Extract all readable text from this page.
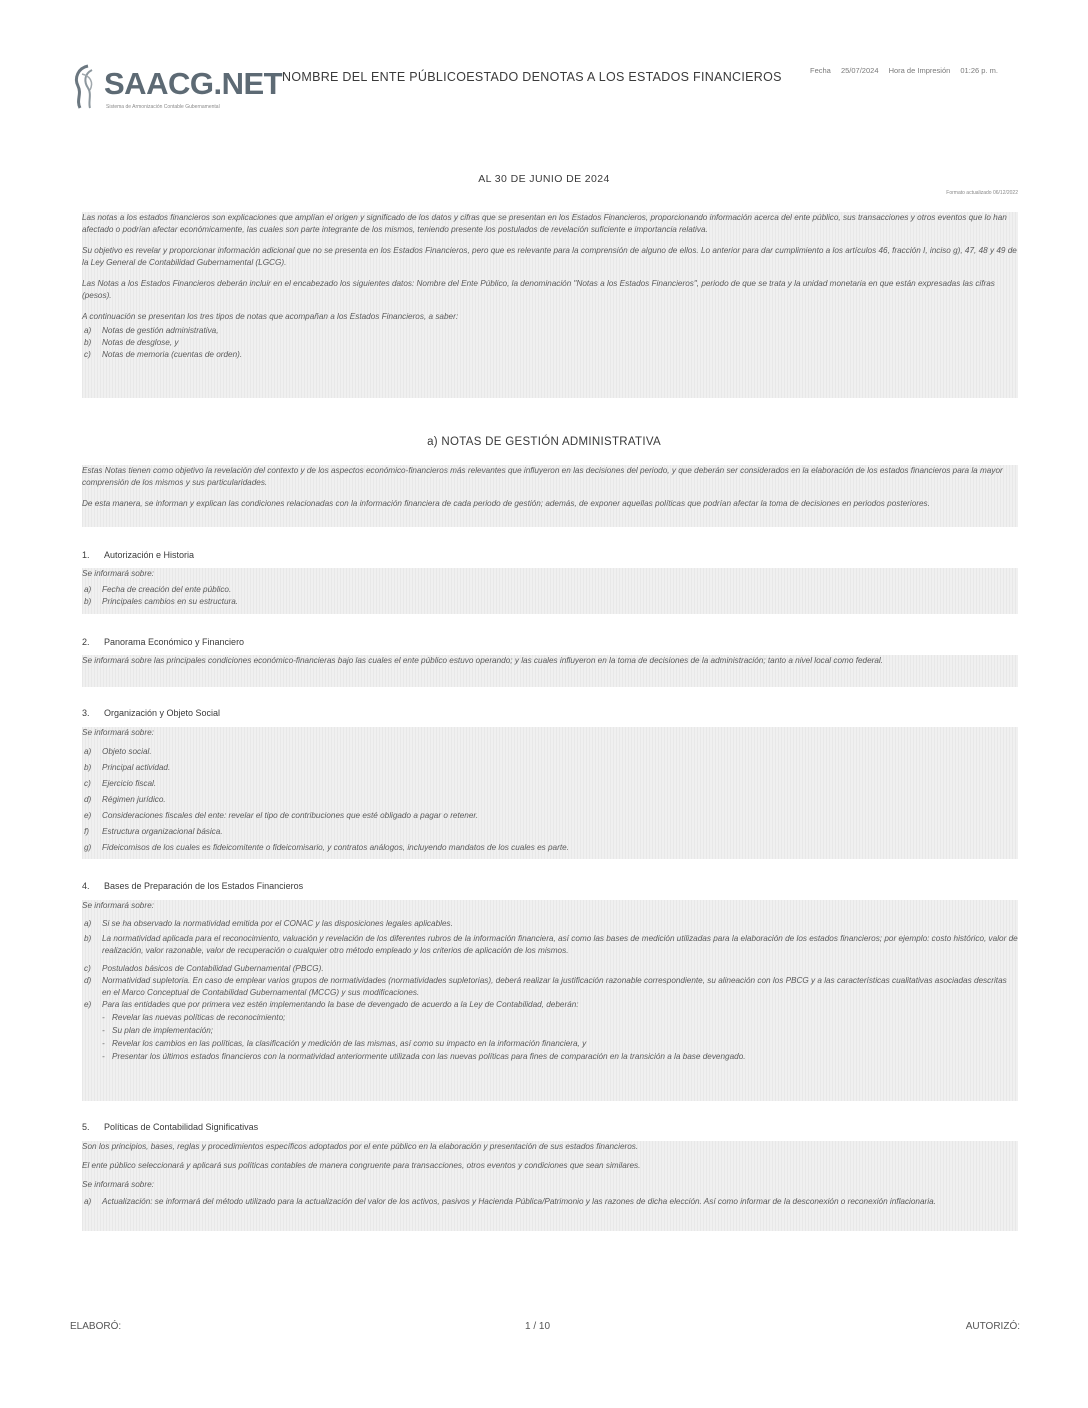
SAACG.NET
Sistema de Armonización Contable Gubernamental
NOMBRE DEL ENTE PÚBLICOESTADO DENOTAS A LOS ESTADOS FINANCIEROS	Fecha 25/07/2024 Hora de Impresión 01:26 p. m.
AL 30 DE JUNIO DE 2024
Formato actualizado 06/12/2022

Las notas a los estados financieros son explicaciones que amplían el origen y significado de los datos y cifras que se presentan en los Estados Financieros, proporcionando información acerca del ente público, sus transacciones y otros eventos que lo han afectado o podrían afectar económicamente, las cuales son parte integrante de los mismos, teniendo presente los postulados de revelación suficiente e importancia relativa.

Su objetivo es revelar y proporcionar información adicional que no se presenta en los Estados Financieros, pero que es relevante para la comprensión de alguno de ellos. Lo anterior para dar cumplimiento a los artículos 46, fracción I, inciso g), 47, 48 y 49 de la Ley General de Contabilidad Gubernamental (LGCG).

Las Notas a los Estados Financieros deberán incluir en el encabezado los siguientes datos: Nombre del Ente Público, la denominación "Notas a los Estados Financieros", periodo de que se trata y la unidad monetaria en que están expresadas las cifras (pesos).

A continuación se presentan los tres tipos de notas que acompañan a los Estados Financieros, a saber:

a) Notas de gestión administrativa,
b) Notas de desglose, y
c) Notas de memoria (cuentas de orden).
a) NOTAS DE GESTIÓN ADMINISTRATIVA

Estas Notas tienen como objetivo la revelación del contexto y de los aspectos económico-financieros más relevantes que influyeron en las decisiones del periodo, y que deberán ser considerados en la elaboración de los estados financieros para la mayor comprensión de los mismos y sus particularidades.

De esta manera, se informan y explican las condiciones relacionadas con la información financiera de cada periodo de gestión; además, de exponer aquellas políticas que podrían afectar la toma de decisiones en periodos posteriores.

1. Autorización e Historia

Se informará sobre:

a) Fecha de creación del ente público.
b) Principales cambios en su estructura.
2. Panorama Económico y Financiero

Se informará sobre las principales condiciones económico-financieras bajo las cuales el ente público estuvo operando; y las cuales influyeron en la toma de decisiones de la administración; tanto a nivel local como federal.

3. Organización y Objeto Social

Se informará sobre:

a) Objeto social.
b) Principal actividad.
c) Ejercicio fiscal.
d) Régimen jurídico.
e) Consideraciones fiscales del ente: revelar el tipo de contribuciones que esté obligado a pagar o retener.
f) Estructura organizacional básica.
g) Fideicomisos de los cuales es fideicomitente o fideicomisario, y contratos análogos, incluyendo mandatos de los cuales es parte.
4. Bases de Preparación de los Estados Financieros

Se informará sobre:

a) Si se ha observado la normatividad emitida por el CONAC y las disposiciones legales aplicables.
b) La normatividad aplicada para el reconocimiento, valuación y revelación de los diferentes rubros de la información financiera, así como las bases de medición utilizadas para la elaboración de los estados financieros; por ejemplo: costo histórico, valor de realización, valor razonable, valor de recuperación o cualquier otro método empleado y los criterios de aplicación de los mismos.
c) Postulados básicos de Contabilidad Gubernamental (PBCG).
d) Normatividad supletoria. En caso de emplear varios grupos de normatividades (normatividades supletorias), deberá realizar la justificación razonable correspondiente, su alineación con los PBCG y a las características cualitativas asociadas descritas en el Marco Conceptual de Contabilidad Gubernamental (MCCG) y sus modificaciones.
e) Para las entidades que por primera vez estén implementando la base de devengado de acuerdo a la Ley de Contabilidad, deberán:
- Revelar las nuevas políticas de reconocimiento;
- Su plan de implementación;
- Revelar los cambios en las políticas, la clasificación y medición de las mismas, así como su impacto en la información financiera, y
- Presentar los últimos estados financieros con la normatividad anteriormente utilizada con las nuevas políticas para fines de comparación en la transición a la base devengado.
5. Políticas de Contabilidad Significativas

Son los principios, bases, reglas y procedimientos específicos adoptados por el ente público en la elaboración y presentación de sus estados financieros.

El ente público seleccionará y aplicará sus políticas contables de manera congruente para transacciones, otros eventos y condiciones que sean similares.

Se informará sobre:

a) Actualización: se informará del método utilizado para la actualización del valor de los activos, pasivos y Hacienda Pública/Patrimonio y las razones de dicha elección. Así como informar de la desconexión o reconexión inflacionaria.
ELABORÓ:	1 / 10	AUTORIZÓ:
